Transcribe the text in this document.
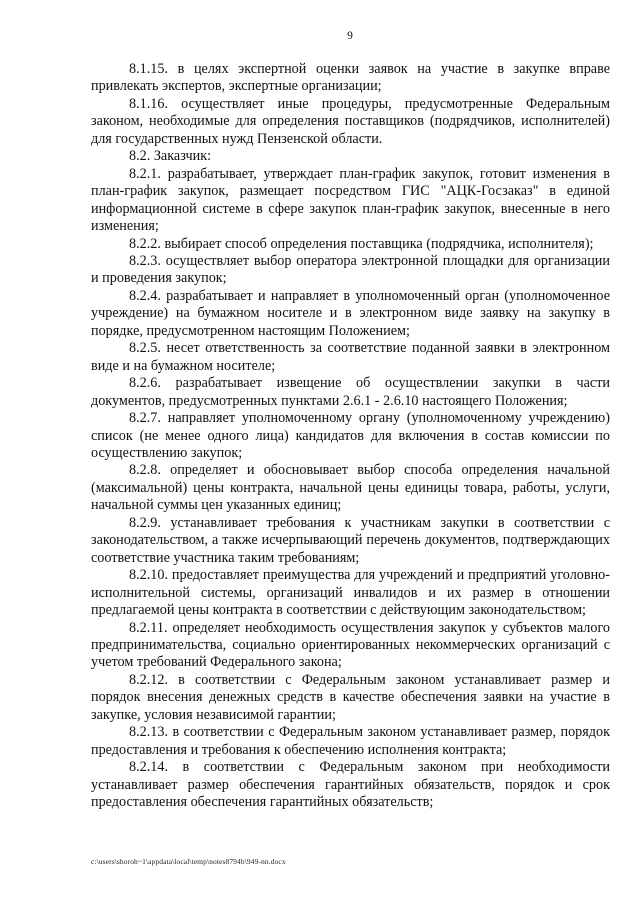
9

8.1.15. в целях экспертной оценки заявок на участие в закупке вправе привлекать экспертов, экспертные организации;

8.1.16. осуществляет иные процедуры, предусмотренные Федеральным законом, необходимые для определения поставщиков (подрядчиков, исполнителей) для государственных нужд Пензенской области.

8.2. Заказчик:

8.2.1. разрабатывает, утверждает план-график закупок, готовит изменения в план-график закупок, размещает посредством ГИС "АЦК-Госзаказ" в единой информационной системе в сфере закупок план-график закупок, внесенные в него изменения;

8.2.2. выбирает способ определения поставщика (подрядчика, исполнителя);

8.2.3. осуществляет выбор оператора электронной площадки для организации и проведения закупок;

8.2.4. разрабатывает и направляет в уполномоченный орган (уполномоченное учреждение) на бумажном носителе и в электронном виде заявку на закупку в порядке, предусмотренном настоящим Положением;

8.2.5. несет ответственность за соответствие поданной заявки в электронном виде и на бумажном носителе;

8.2.6. разрабатывает извещение об осуществлении закупки в части документов, предусмотренных пунктами 2.6.1 - 2.6.10 настоящего Положения;

8.2.7. направляет уполномоченному органу (уполномоченному учреждению) список (не менее одного лица) кандидатов для включения в состав комиссии по осуществлению закупок;

8.2.8. определяет и обосновывает выбор способа определения начальной (максимальной) цены контракта, начальной цены единицы товара, работы, услуги, начальной суммы цен указанных единиц;

8.2.9. устанавливает требования к участникам закупки в соответствии с законодательством, а также исчерпывающий перечень документов, подтверждающих соответствие участника таким требованиям;

8.2.10. предоставляет преимущества для учреждений и предприятий уголовно-исполнительной системы, организаций инвалидов и их размер в отношении предлагаемой цены контракта в соответствии с действующим законодательством;

8.2.11. определяет необходимость осуществления закупок у субъектов малого предпринимательства, социально ориентированных некоммерческих организаций с учетом требований Федерального закона;

8.2.12. в соответствии с Федеральным законом устанавливает размер и порядок внесения денежных средств в качестве обеспечения заявки на участие в закупке, условия независимой гарантии;

8.2.13. в соответствии с Федеральным законом устанавливает размер, порядок предоставления и требования к обеспечению исполнения контракта;

8.2.14. в соответствии с Федеральным законом при необходимости устанавливает размер обеспечения гарантийных обязательств, порядок и срок предоставления обеспечения гарантийных обязательств;

c:\users\shoroh~1\appdata\local\temp\notes8794b\949-nn.docx
